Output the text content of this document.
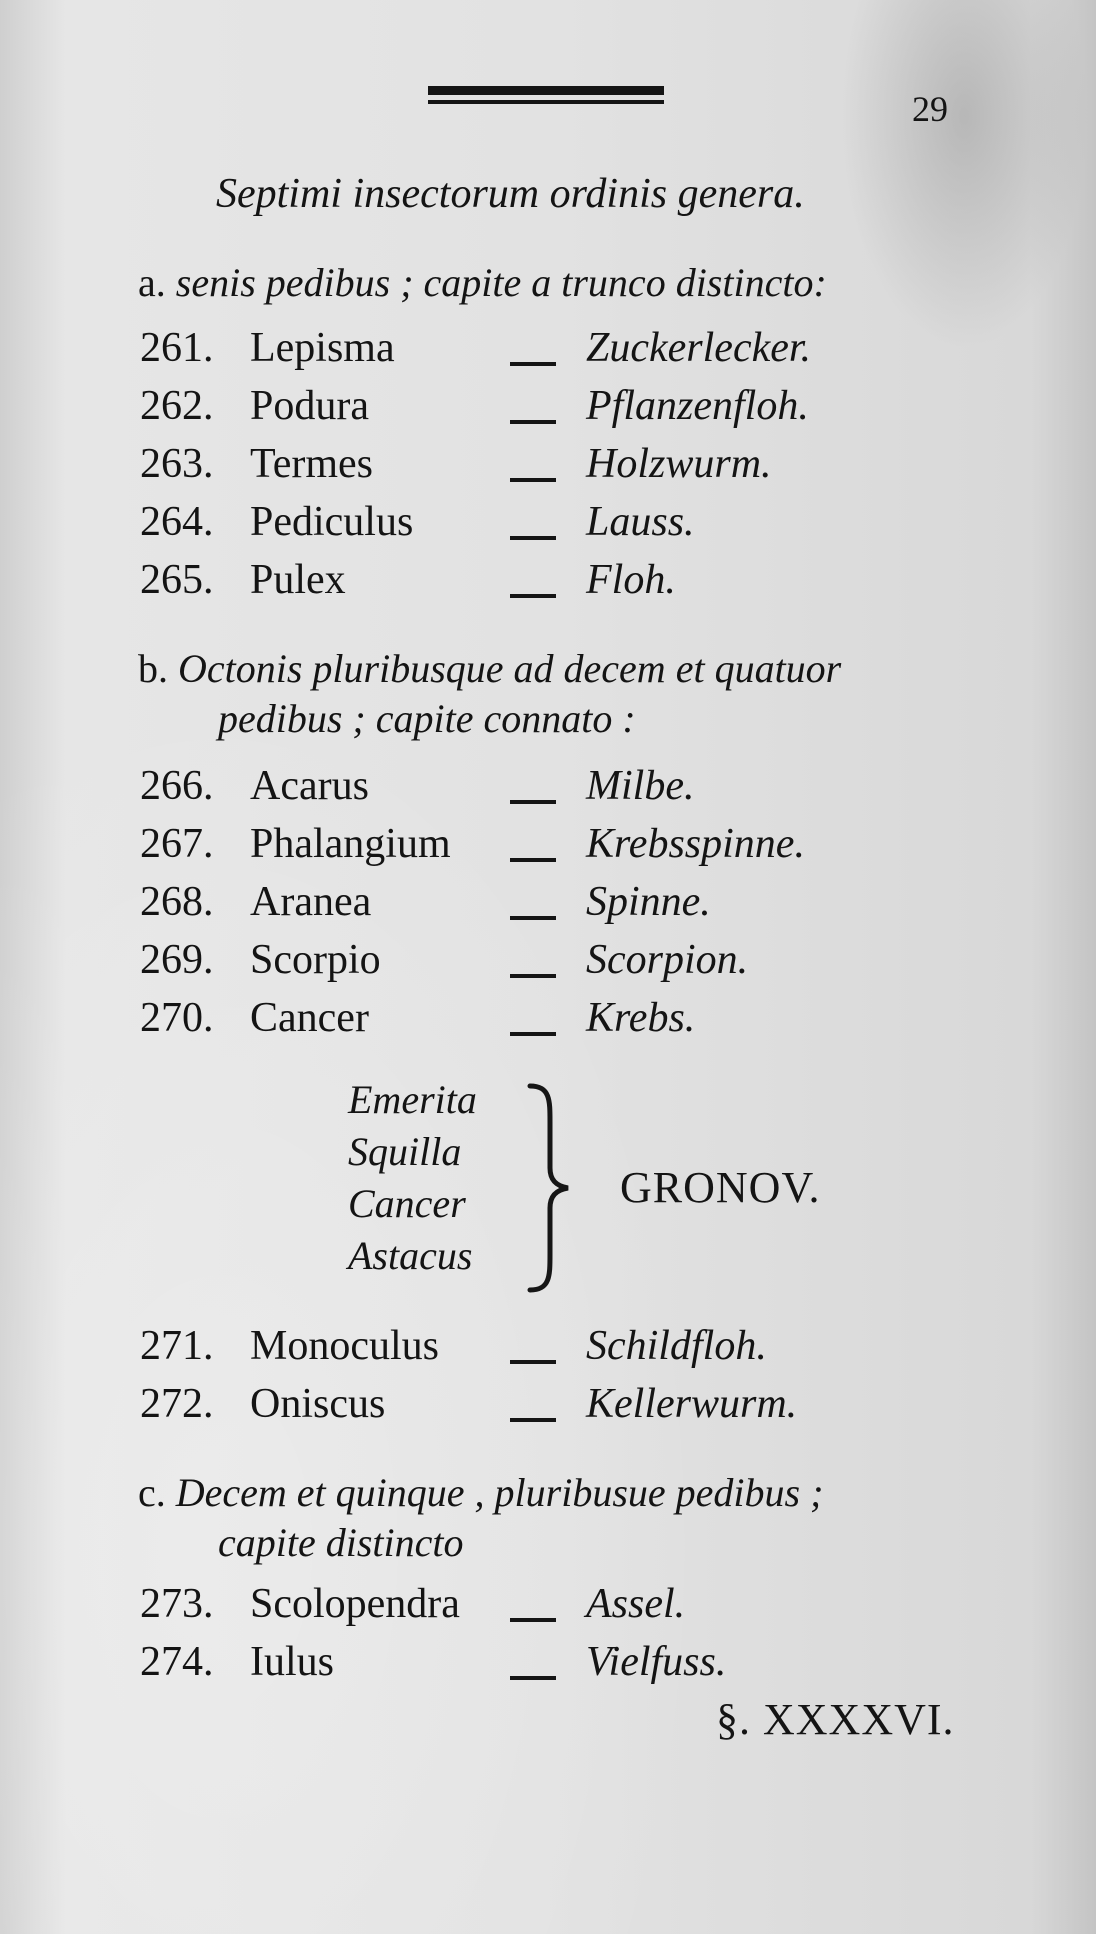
29
Septimi insectorum ordinis genera.
a. senis pedibus ; capite a trunco distincto:
261. Lepisma	Zuckerlecker.
262. Podura	Pflanzenfloh.
263. Termes	Holzwurm.
264. Pediculus	Lauss.
265. Pulex	Floh.
b. Octonis pluribusque ad decem et quatuor
pedibus ; capite connato :
266. Acarus	Milbe.
267. Phalangium	Krebsspinne.
268. Aranea	Spinne.
269. Scorpio	Scorpion.
270. Cancer	Krebs.
Emerita
Squilla
Cancer
Astacus
GRONOV.
271. Monoculus	Schildfloh.
272. Oniscus	Kellerwurm.
c. Decem et quinque , pluribusue pedibus ;
capite distincto
273. Scolopendra	Assel.
274. Iulus	Vielfuss.
§. XXXXVI.
